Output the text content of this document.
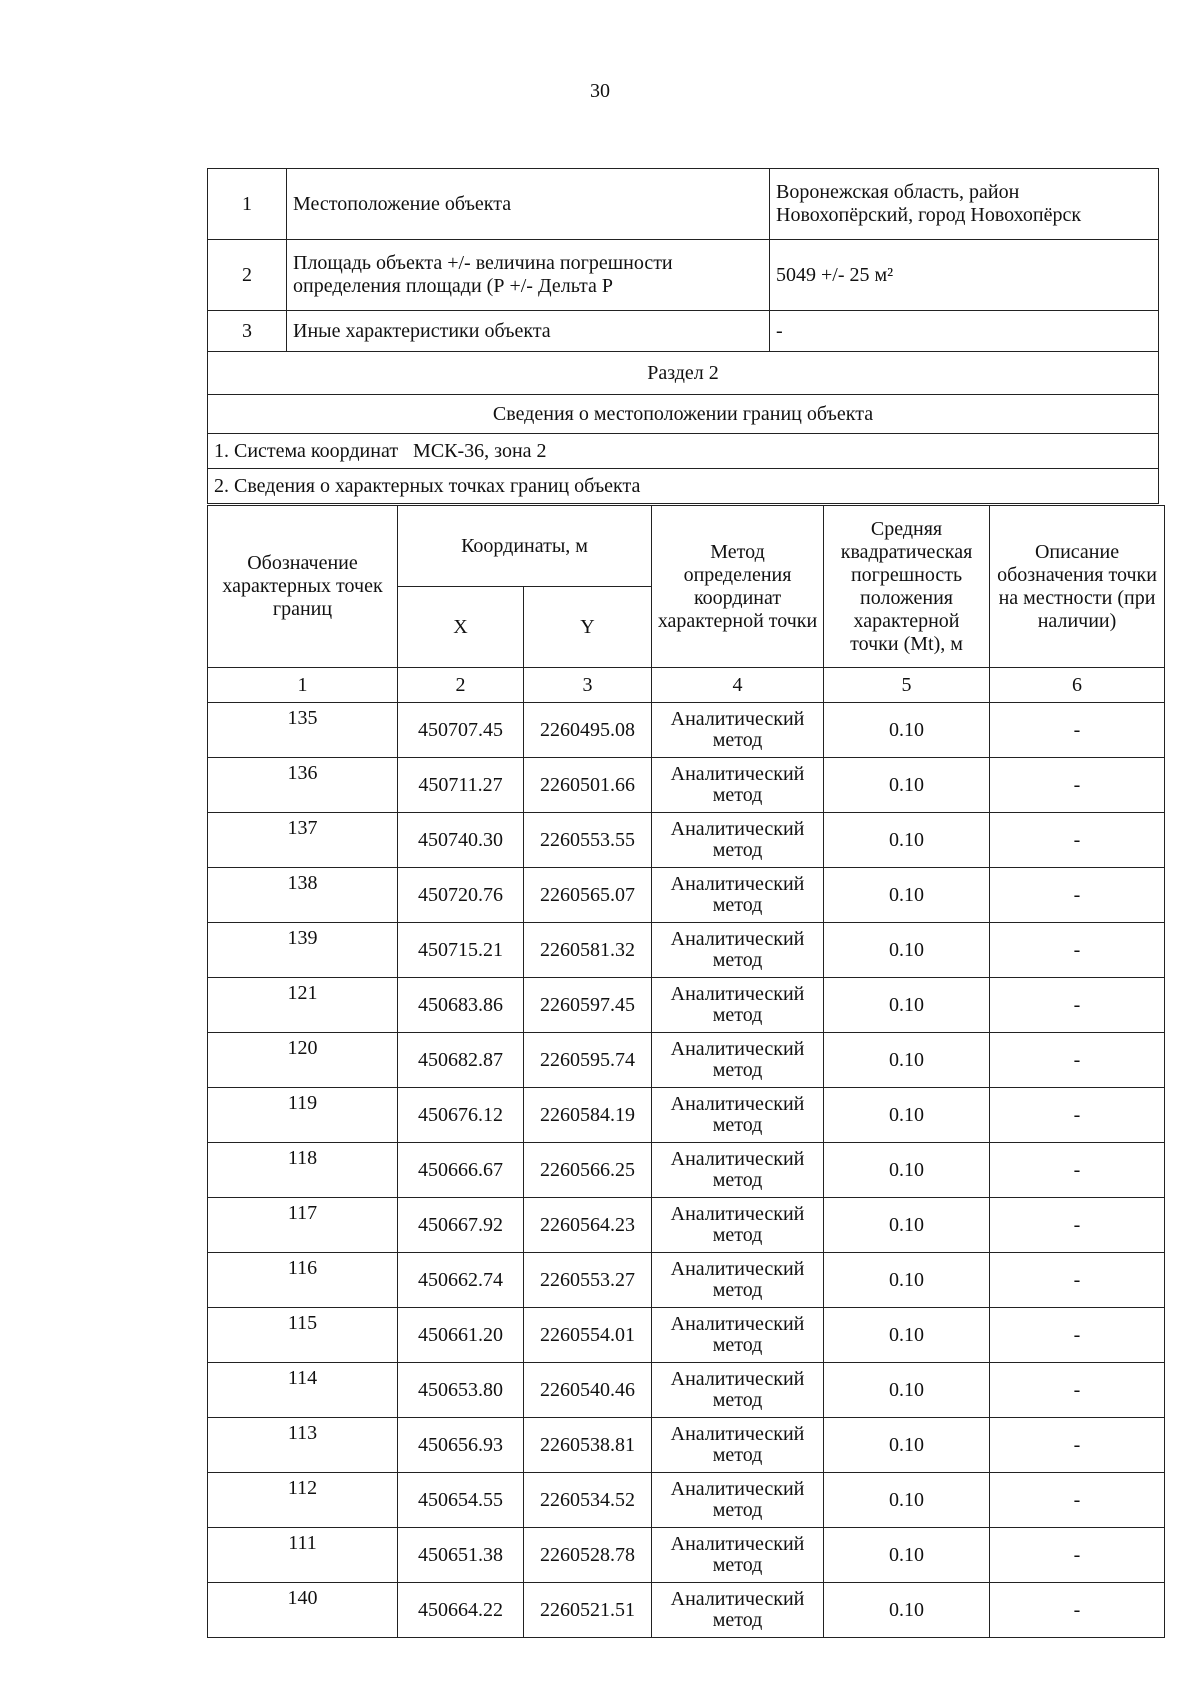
30
1	Местоположение объекта	Воронежская область, район Новохопёрский, город Новохопёрск
2	Площадь объекта +/- величина погрешности определения площади (Р +/- Дельта Р	5049 +/- 25 м²
3	Иные характеристики объекта	-
Раздел 2		
Сведения о местоположении границ объекта		
1. Система координат   МСК-36, зона 2		
2. Сведения о характерных точках границ объекта		
Обозначение характерных точек границ	Координаты, м		Метод определения координат характерной точки	Средняя квадратическая погрешность положения характерной точки (Mt), м	Описание обозначения точки на местности (при наличии)
	X	Y			
1	2	3	4	5	6
135	450707.45	2260495.08	Аналитический метод	0.10	-
136	450711.27	2260501.66	Аналитический метод	0.10	-
137	450740.30	2260553.55	Аналитический метод	0.10	-
138	450720.76	2260565.07	Аналитический метод	0.10	-
139	450715.21	2260581.32	Аналитический метод	0.10	-
121	450683.86	2260597.45	Аналитический метод	0.10	-
120	450682.87	2260595.74	Аналитический метод	0.10	-
119	450676.12	2260584.19	Аналитический метод	0.10	-
118	450666.67	2260566.25	Аналитический метод	0.10	-
117	450667.92	2260564.23	Аналитический метод	0.10	-
116	450662.74	2260553.27	Аналитический метод	0.10	-
115	450661.20	2260554.01	Аналитический метод	0.10	-
114	450653.80	2260540.46	Аналитический метод	0.10	-
113	450656.93	2260538.81	Аналитический метод	0.10	-
112	450654.55	2260534.52	Аналитический метод	0.10	-
111	450651.38	2260528.78	Аналитический метод	0.10	-
140	450664.22	2260521.51	Аналитический метод	0.10	-
